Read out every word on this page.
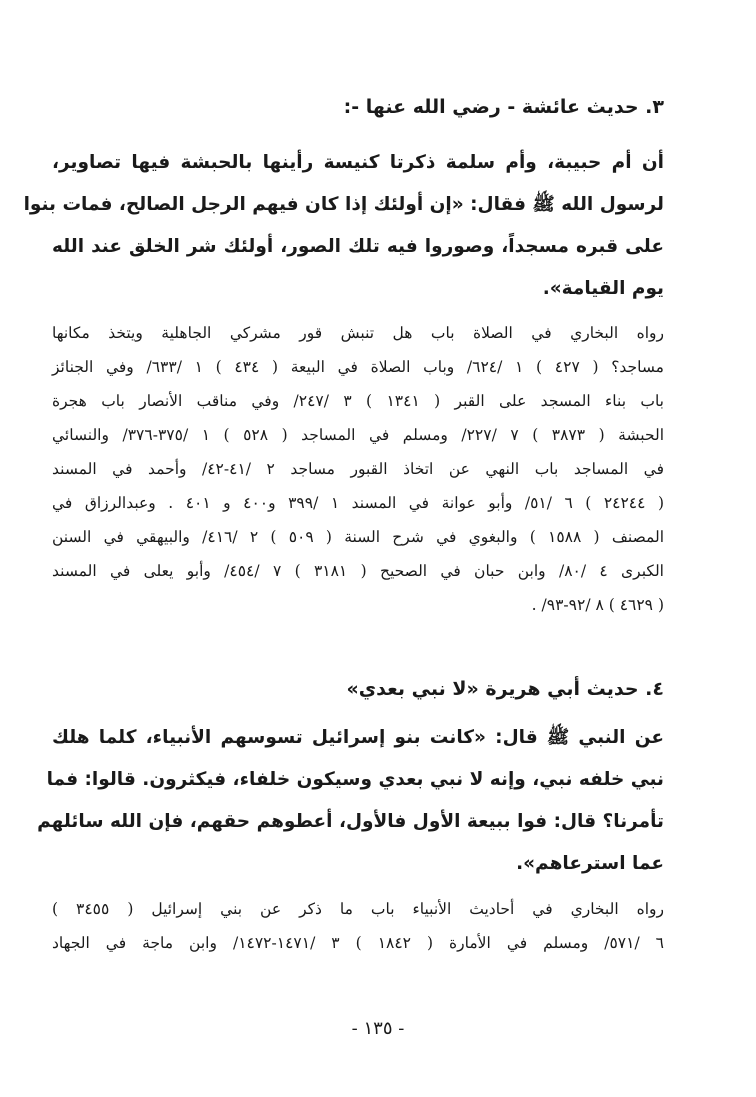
٣. حديث عائشة - رضي الله عنها -:
أن أم حبيبة، وأم سلمة ذكرتا كنيسة رأينها بالحبشة فيها تصاوير،
لرسول الله ﷺ فقال: «إن أولئك إذا كان فيهم الرجل الصالح، فمات بنوا
على قبره مسجداً، وصوروا فيه تلك الصور، أولئك شر الخلق عند الله
يوم القيامة».
رواه البخاري في الصلاة باب هل تنبش قور مشركي الجاهلية ويتخذ مكانها
مساجد؟ ( ٤٢٧ ) ١ /٦٢٤/ وباب الصلاة في البيعة ( ٤٣٤ ) ١ /٦٣٣/ وفي الجنائز
باب بناء المسجد على القبر ( ١٣٤١ ) ٣ /٢٤٧/ وفي مناقب الأنصار باب هجرة
الحبشة ( ٣٨٧٣ ) ٧ /٢٢٧/ ومسلم في المساجد ( ٥٢٨ ) ١ /٣٧٥-٣٧٦/ والنسائي
في المساجد باب النهي عن اتخاذ القبور مساجد ٢ /٤١-٤٢/ وأحمد في المسند
( ٢٤٢٤٤ ) ٦ /٥١/ وأبو عوانة في المسند ١ /٣٩٩ و٤٠٠ و ٤٠١ . وعبدالرزاق في
المصنف ( ١٥٨٨ ) والبغوي في شرح السنة ( ٥٠٩ ) ٢ /٤١٦/ والبيهقي في السنن
الكبرى ٤ /٨٠/ وابن حبان في الصحيح ( ٣١٨١ ) ٧ /٤٥٤/ وأبو يعلى في المسند
( ٤٦٢٩ ) ٨ /٩٢-٩٣/ .
٤. حديث أبي هريرة «لا نبي بعدي»
عن النبي ﷺ قال: «كانت بنو إسرائيل تسوسهم الأنبياء، كلما هلك
نبي خلفه نبي، وإنه لا نبي بعدي وسيكون خلفاء، فيكثرون. قالوا: فما
تأمرنا؟ قال: فوا ببيعة الأول فالأول، أعطوهم حقهم، فإن الله سائلهم
عما استرعاهم».
رواه البخاري في أحاديث الأنبياء باب ما ذكر عن بني إسرائيل ( ٣٤٥٥ )
٦ /٥٧١/ ومسلم في الأمارة ( ١٨٤٢ ) ٣ /١٤٧١-١٤٧٢/ وابن ماجة في الجهاد
- ١٣٥ -
